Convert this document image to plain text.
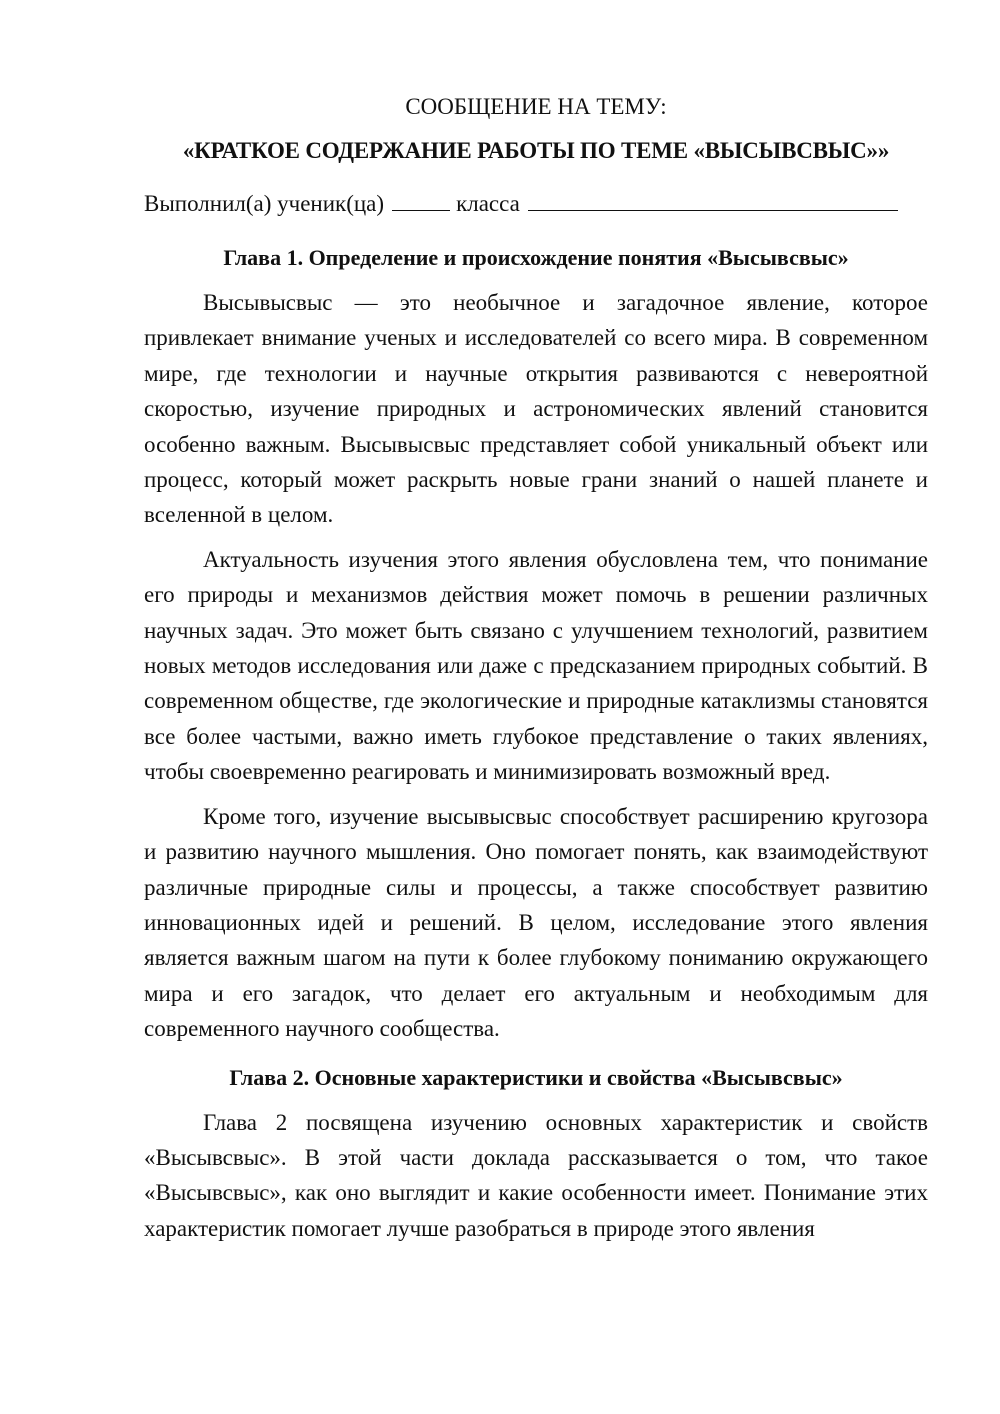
СООБЩЕНИЕ НА ТЕМУ:

«КРАТКОЕ СОДЕРЖАНИЕ РАБОТЫ ПО ТЕМЕ «ВЫСЫВСВЫС»»

Выполнил(а) ученик(ца)	класса
Глава 1. Определение и происхождение понятия «Высывсвыс»

Высывысвыс — это необычное и загадочное явление, которое привлекает внимание ученых и исследователей со всего мира. В современном мире, где технологии и научные открытия развиваются с невероятной скоростью, изучение природных и астрономических явлений становится особенно важным. Высывысвыс представляет собой уникальный объект или процесс, который может раскрыть новые грани знаний о нашей планете и вселенной в целом.

Актуальность изучения этого явления обусловлена тем, что понимание его природы и механизмов действия может помочь в решении различных научных задач. Это может быть связано с улучшением технологий, развитием новых методов исследования или даже с предсказанием природных событий. В современном обществе, где экологические и природные катаклизмы становятся все более частыми, важно иметь глубокое представление о таких явлениях, чтобы своевременно реагировать и минимизировать возможный вред.

Кроме того, изучение высывысвыс способствует расширению кругозора и развитию научного мышления. Оно помогает понять, как взаимодействуют различные природные силы и процессы, а также способствует развитию инновационных идей и решений. В целом, исследование этого явления является важным шагом на пути к более глубокому пониманию окружающего мира и его загадок, что делает его актуальным и необходимым для современного научного сообщества.

Глава 2. Основные характеристики и свойства «Высывсвыс»

Глава 2 посвящена изучению основных характеристик и свойств «Высывсвыс». В этой части доклада рассказывается о том, что такое «Высывсвыс», как оно выглядит и какие особенности имеет. Понимание этих характеристик помогает лучше разобраться в природе этого явления
